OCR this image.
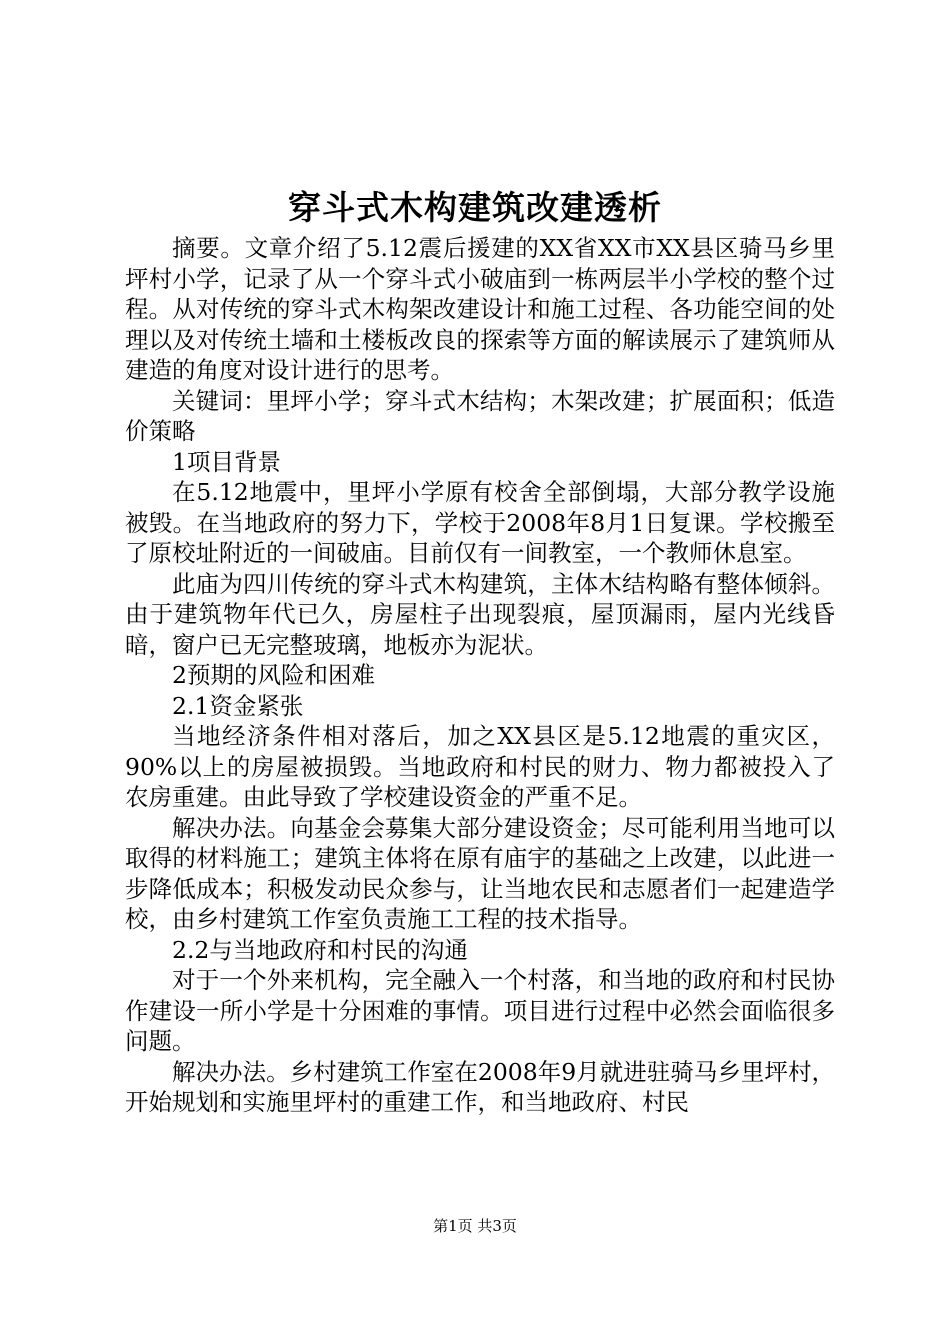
穿斗式木构建筑改建透析

摘要。文章介绍了5.12震后援建的XX省XX市XX县区骑马乡里坪村小学，记录了从一个穿斗式小破庙到一栋两层半小学校的整个过程。从对传统的穿斗式木构架改建设计和施工过程、各功能空间的处理以及对传统土墙和土楼板改良的探索等方面的解读展示了建筑师从建造的角度对设计进行的思考。

关键词：里坪小学；穿斗式木结构；木架改建；扩展面积；低造价策略

1项目背景

在5.12地震中，里坪小学原有校舍全部倒塌，大部分教学设施被毁。在当地政府的努力下，学校于2008年8月1日复课。学校搬至了原校址附近的一间破庙。目前仅有一间教室，一个教师休息室。

此庙为四川传统的穿斗式木构建筑，主体木结构略有整体倾斜。由于建筑物年代已久，房屋柱子出现裂痕，屋顶漏雨，屋内光线昏暗，窗户已无完整玻璃，地板亦为泥状。

2预期的风险和困难

2.1资金紧张

当地经济条件相对落后，加之XX县区是5.12地震的重灾区，90%以上的房屋被损毁。当地政府和村民的财力、物力都被投入了农房重建。由此导致了学校建设资金的严重不足。

解决办法。向基金会募集大部分建设资金；尽可能利用当地可以取得的材料施工；建筑主体将在原有庙宇的基础之上改建，以此进一步降低成本；积极发动民众参与，让当地农民和志愿者们一起建造学校，由乡村建筑工作室负责施工工程的技术指导。

2.2与当地政府和村民的沟通

对于一个外来机构，完全融入一个村落，和当地的政府和村民协作建设一所小学是十分困难的事情。项目进行过程中必然会面临很多问题。

解决办法。乡村建筑工作室在2008年9月就进驻骑马乡里坪村，开始规划和实施里坪村的重建工作，和当地政府、村民

第1页 共3页
